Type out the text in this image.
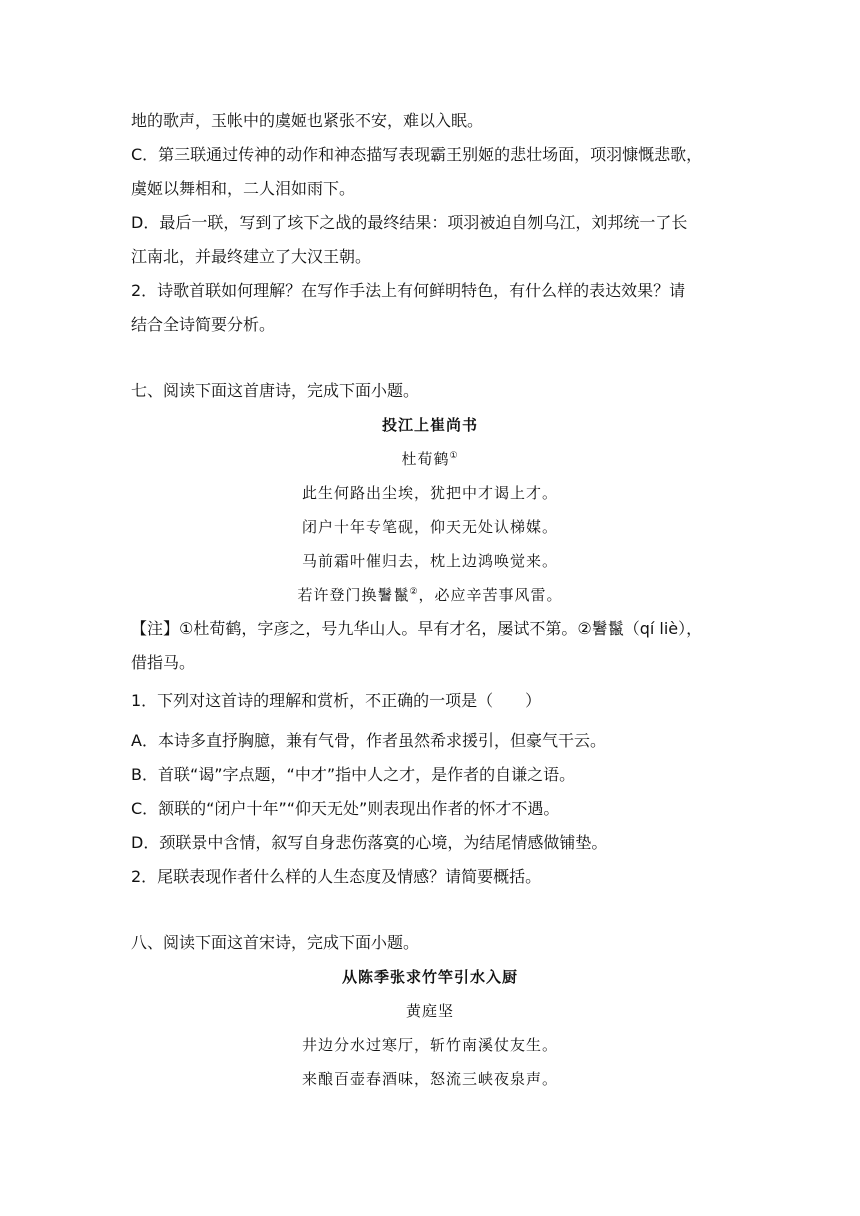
地的歌声，玉帐中的虞姬也紧张不安，难以入眠。
C．第三联通过传神的动作和神态描写表现霸王别姬的悲壮场面，项羽慷慨悲歌，
虞姬以舞相和，二人泪如雨下。
D．最后一联，写到了垓下之战的最终结果：项羽被迫自刎乌江，刘邦统一了长
江南北，并最终建立了大汉王朝。
2．诗歌首联如何理解？在写作手法上有何鲜明特色，有什么样的表达效果？请
结合全诗简要分析。
七、阅读下面这首唐诗，完成下面小题。
投江上崔尚书
杜荀鹤①
此生何路出尘埃，犹把中才谒上才。
闭户十年专笔砚，仰天无处认梯媒。
马前霜叶催归去，枕上边鸿唤觉来。
若许登门换鬐鬣②，必应辛苦事风雷。
【注】①杜荀鹤，字彦之，号九华山人。早有才名，屡试不第。②鬐鬣（qí liè），
借指马。
1．下列对这首诗的理解和赏析，不正确的一项是（　　）
A．本诗多直抒胸臆，兼有气骨，作者虽然希求援引，但豪气干云。
B．首联“谒”字点题，“中才”指中人之才，是作者的自谦之语。
C．颔联的“闭户十年”“仰天无处”则表现出作者的怀才不遇。
D．颈联景中含情，叙写自身悲伤落寞的心境，为结尾情感做铺垫。
2．尾联表现作者什么样的人生态度及情感？请简要概括。
八、阅读下面这首宋诗，完成下面小题。
从陈季张求竹竿引水入厨
黄庭坚
井边分水过寒厅，斩竹南溪仗友生。
来酿百壶春酒味，怒流三峡夜泉声。
